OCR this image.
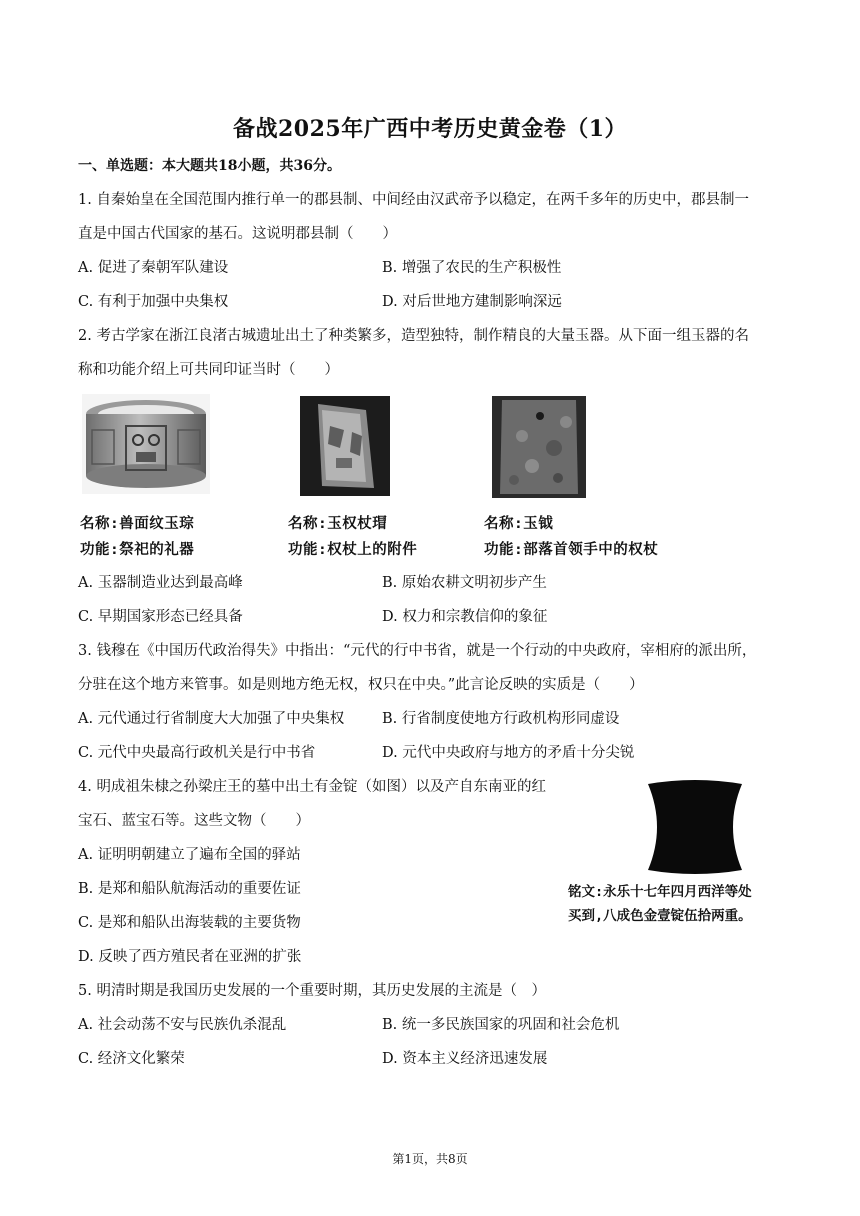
备战2025年广西中考历史黄金卷（1）
一、单选题：本大题共18小题，共36分。
1. 自秦始皇在全国范围内推行单一的郡县制、中间经由汉武帝予以稳定，在两千多年的历史中，郡县制一
直是中国古代国家的基石。这说明郡县制（　　）
A. 促进了秦朝军队建设	B. 增强了农民的生产积极性
C. 有利于加强中央集权	D. 对后世地方建制影响深远
2. 考古学家在浙江良渚古城遗址出土了种类繁多，造型独特，制作精良的大量玉器。从下面一组玉器的名
称和功能介绍上可共同印证当时（　　）
名称:兽面纹玉琮
功能:祭祀的礼器
名称:玉权杖瑁
功能:权杖上的附件
名称:玉钺
功能:部落首领手中的权杖
A. 玉器制造业达到最高峰	B. 原始农耕文明初步产生
C. 早期国家形态已经具备	D. 权力和宗教信仰的象征
3. 钱穆在《中国历代政治得失》中指出：“元代的行中书省，就是一个行动的中央政府，宰相府的派出所，
分驻在这个地方来管事。如是则地方绝无权，权只在中央。”此言论反映的实质是（　　）
A. 元代通过行省制度大大加强了中央集权	B. 行省制度使地方行政机构形同虚设
C. 元代中央最高行政机关是行中书省	D. 元代中央政府与地方的矛盾十分尖锐
4. 明成祖朱棣之孙梁庄王的墓中出土有金锭（如图）以及产自东南亚的红
宝石、蓝宝石等。这些文物（　　）
A. 证明明朝建立了遍布全国的驿站
B. 是郑和船队航海活动的重要佐证
C. 是郑和船队出海装载的主要货物
D. 反映了西方殖民者在亚洲的扩张
铭文:永乐十七年四月西洋等处
买到,八成色金壹锭伍拾两重。
5. 明清时期是我国历史发展的一个重要时期，其历史发展的主流是（　）
A. 社会动荡不安与民族仇杀混乱	B. 统一多民族国家的巩固和社会危机
C. 经济文化繁荣	D. 资本主义经济迅速发展
第1页，共8页
